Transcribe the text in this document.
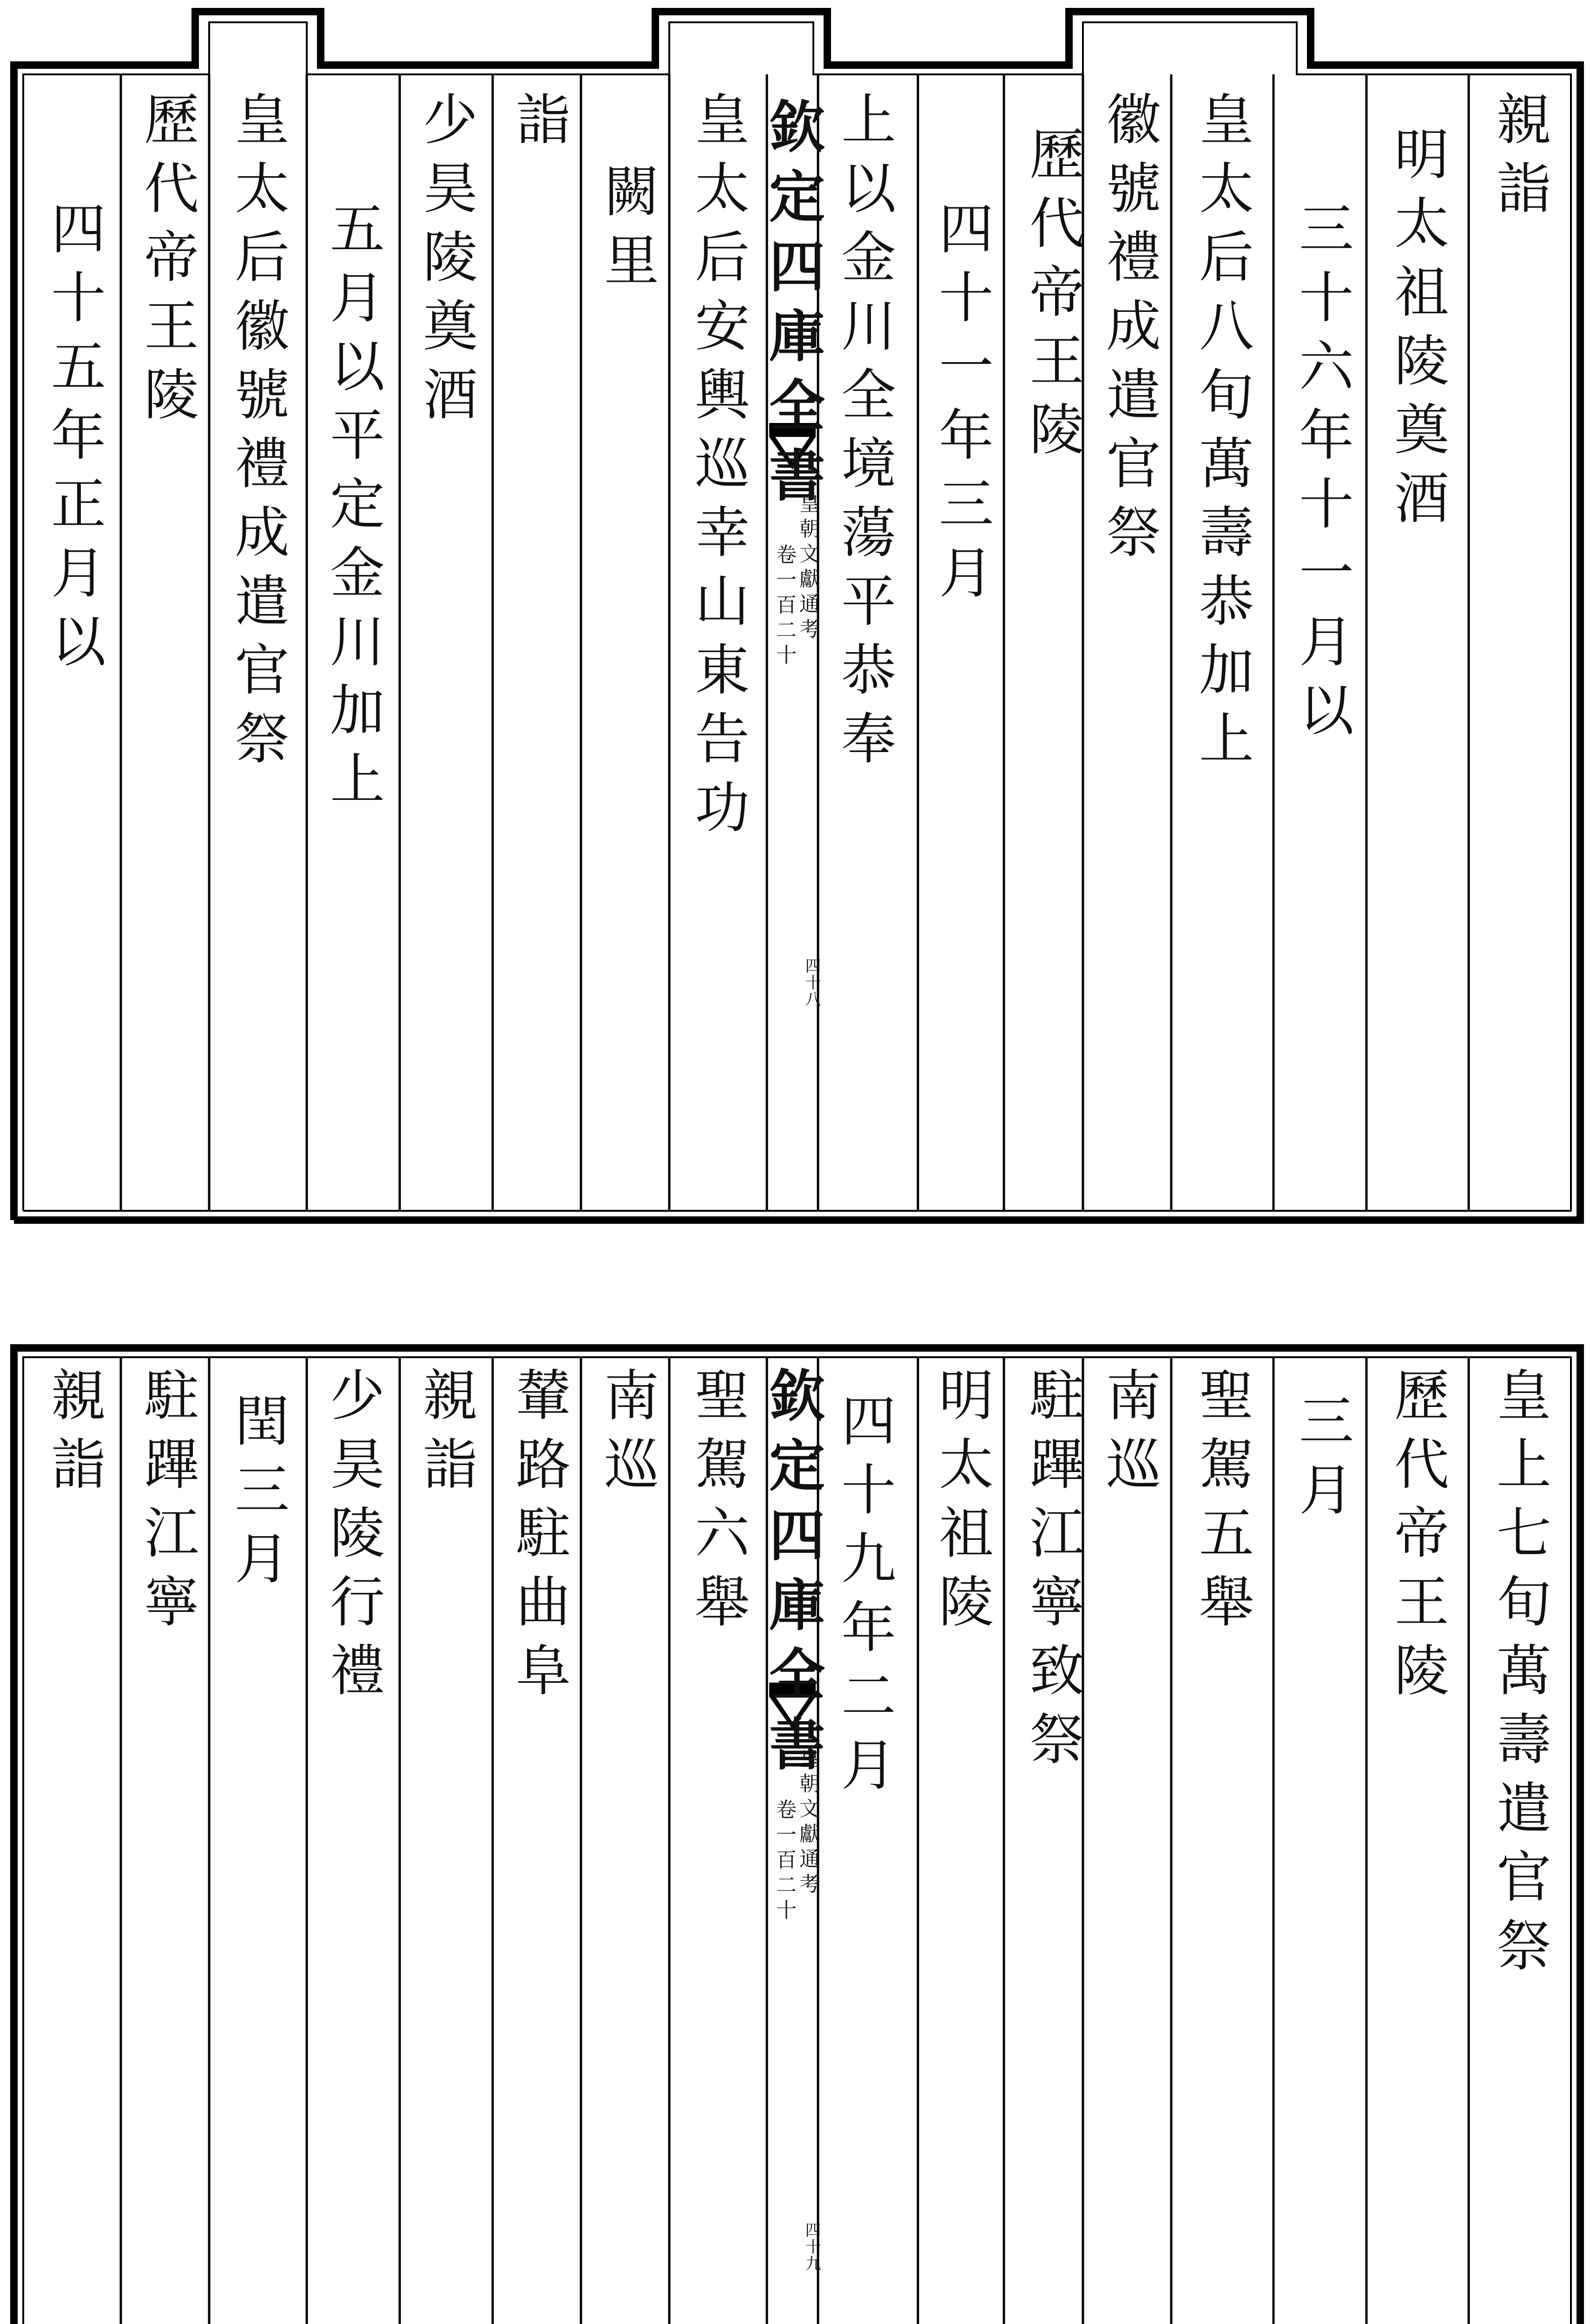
欽定四庫全書
皇朝文獻通考
卷一百二十
四十八
親詣
明太祖陵奠酒
三十六年十一月以
皇太后八旬萬壽恭加上
徽號禮成遣官祭
歷代帝王陵
四十一年三月
上以金川全境蕩平恭奉
皇太后安輿巡幸山東告功
闕里
詣
少昊陵奠酒
五月以平定金川加上
皇太后徽號禮成遣官祭
歷代帝王陵
四十五年正月以
欽定四庫全書
皇朝文獻通考
卷一百二十
四十九
皇上七旬萬壽遣官祭
歷代帝王陵
三月
聖駕五舉
南巡
駐蹕江寧致祭
明太祖陵
四十九年二月
聖駕六舉
南巡
輦路駐曲阜
親詣
少昊陵行禮
閏三月
駐蹕江寧
親詣
